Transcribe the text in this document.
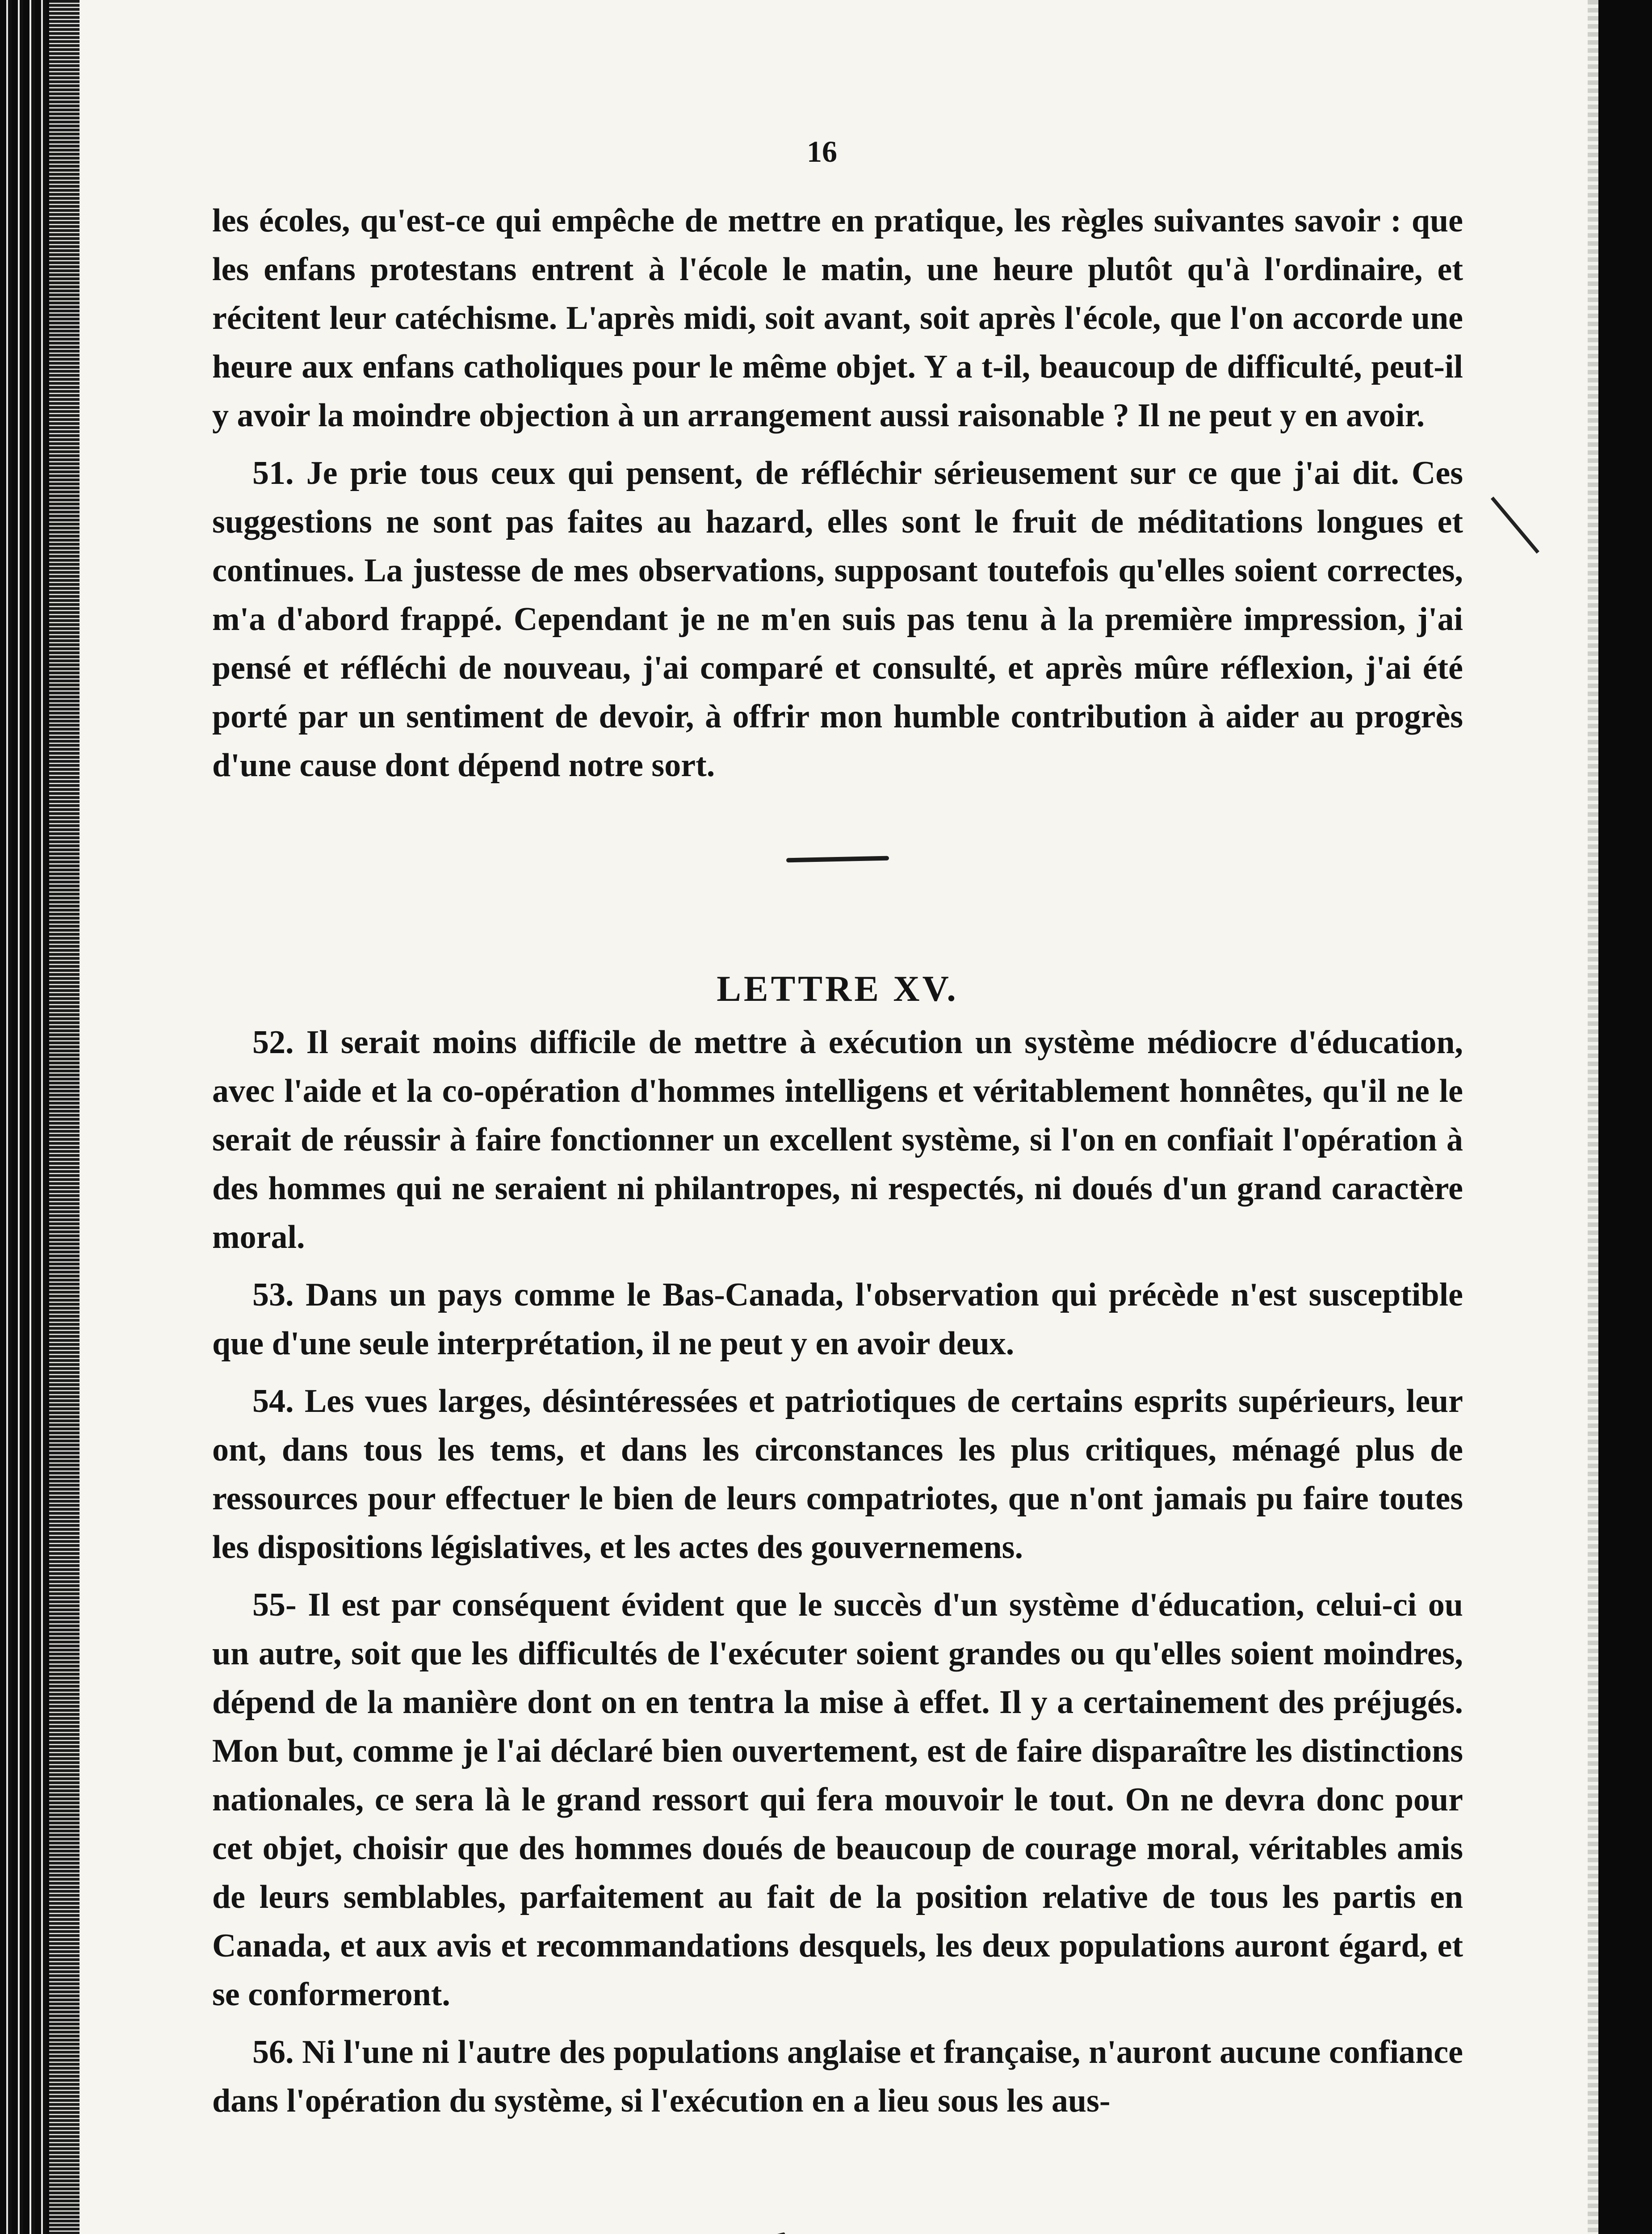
16

les écoles, qu'est-ce qui empêche de mettre en pratique, les règles suivantes savoir : que les enfans protestans entrent à l'école le matin, une heure plutôt qu'à l'ordinaire, et récitent leur catéchisme. L'après midi, soit avant, soit après l'école, que l'on accorde une heure aux enfans catholiques pour le même objet. Y a t-il, beaucoup de difficulté, peut-il y avoir la moindre objection à un arrangement aussi raisonable ? Il ne peut y en avoir.

51. Je prie tous ceux qui pensent, de réfléchir sérieusement sur ce que j'ai dit. Ces suggestions ne sont pas faites au hazard, elles sont le fruit de méditations longues et continues. La justesse de mes observations, supposant toutefois qu'elles soient correctes, m'a d'abord frappé. Cependant je ne m'en suis pas tenu à la première impression, j'ai pensé et réfléchi de nouveau, j'ai comparé et consulté, et après mûre réflexion, j'ai été porté par un sentiment de devoir, à offrir mon humble contribution à aider au progrès d'une cause dont dépend notre sort.

LETTRE XV.

52. Il serait moins difficile de mettre à exécution un système médiocre d'éducation, avec l'aide et la co-opération d'hommes intelligens et véritablement honnêtes, qu'il ne le serait de réussir à faire fonctionner un excellent système, si l'on en confiait l'opération à des hommes qui ne seraient ni philantropes, ni respectés, ni doués d'un grand caractère moral.

53. Dans un pays comme le Bas-Canada, l'observation qui précède n'est susceptible que d'une seule interprétation, il ne peut y en avoir deux.

54. Les vues larges, désintéressées et patriotiques de certains esprits supérieurs, leur ont, dans tous les tems, et dans les circonstances les plus critiques, ménagé plus de ressources pour effectuer le bien de leurs compatriotes, que n'ont jamais pu faire toutes les dispositions législatives, et les actes des gouvernemens.

55- Il est par conséquent évident que le succès d'un système d'éducation, celui-ci ou un autre, soit que les difficultés de l'exécuter soient grandes ou qu'elles soient moindres, dépend de la manière dont on en tentra la mise à effet. Il y a certainement des préjugés. Mon but, comme je l'ai déclaré bien ouvertement, est de faire disparaître les distinctions nationales, ce sera là le grand ressort qui fera mouvoir le tout. On ne devra donc pour cet objet, choisir que des hommes doués de beaucoup de courage moral, véritables amis de leurs semblables, parfaitement au fait de la position relative de tous les partis en Canada, et aux avis et recommandations desquels, les deux populations auront égard, et se conformeront.

56. Ni l'une ni l'autre des populations anglaise et française, n'auront aucune confiance dans l'opération du système, si l'exécution en a lieu sous les aus-
